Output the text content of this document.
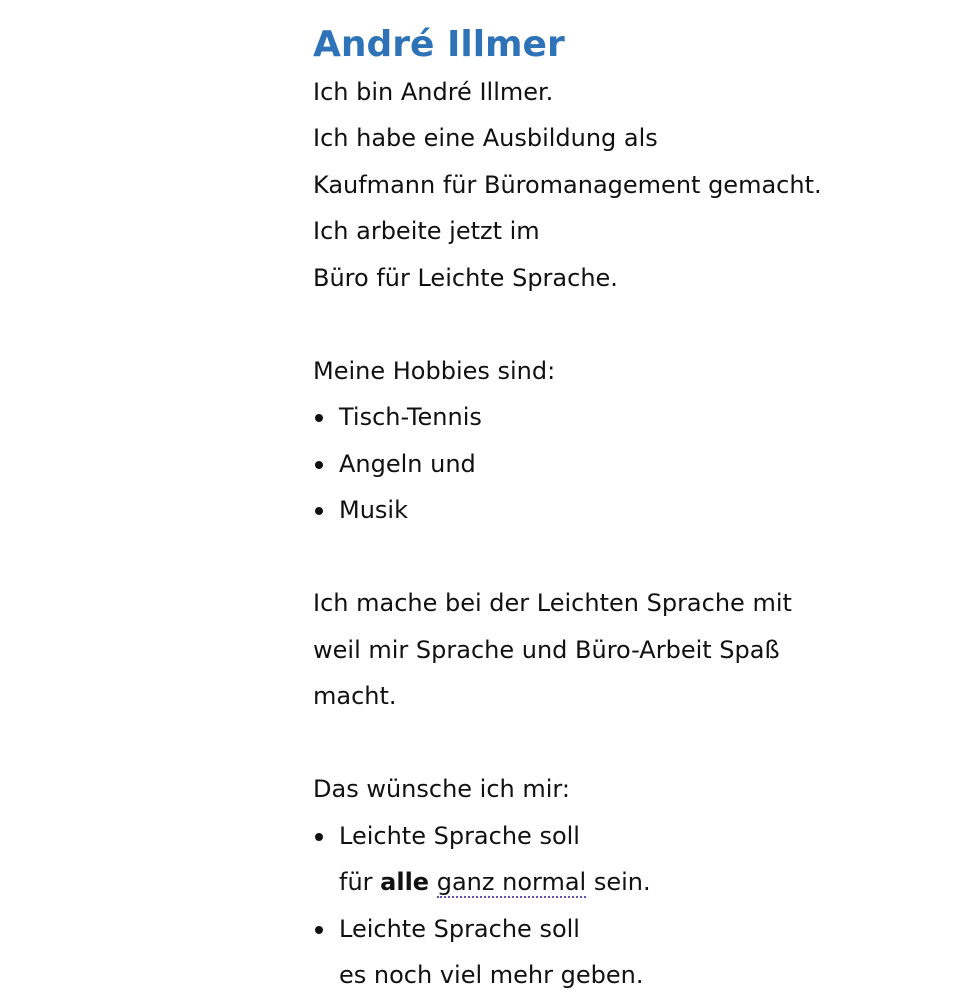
André Illmer

Ich bin André Illmer.

Ich habe eine Ausbildung als

Kaufmann für Büromanagement gemacht.

Ich arbeite jetzt im

Büro für Leichte Sprache.

Meine Hobbies sind:

Tisch-Tennis
Angeln und
Musik

Ich mache bei der Leichten Sprache mit

weil mir Sprache und Büro-Arbeit Spaß

macht.

Das wünsche ich mir:

Leichte Sprache soll
für alle ganz normal sein.
Leichte Sprache soll
es noch viel mehr geben.
